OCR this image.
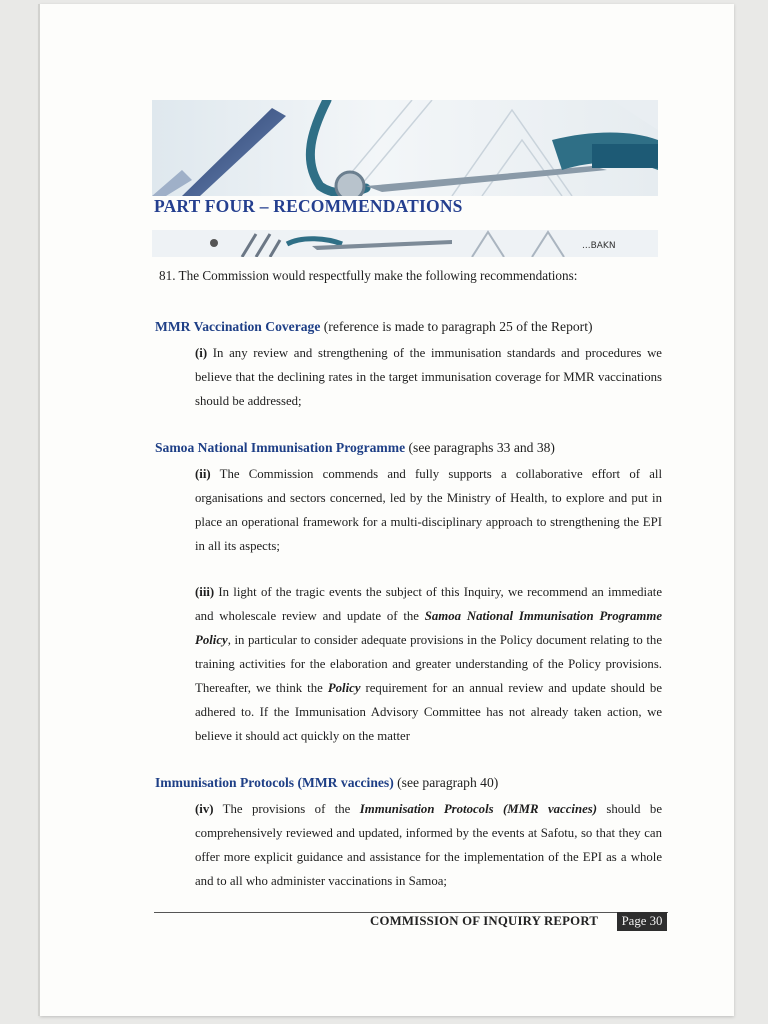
PART FOUR – RECOMMENDATIONS
...BAKN
81. The Commission would respectfully make the following recommendations:
MMR Vaccination Coverage (reference is made to paragraph 25 of the Report)
(i) In any review and strengthening of the immunisation standards and procedures we believe that the declining rates in the target immunisation coverage for MMR vaccinations should be addressed;
Samoa National Immunisation Programme (see paragraphs 33 and 38)
(ii) The Commission commends and fully supports a collaborative effort of all organisations and sectors concerned, led by the Ministry of Health, to explore and put in place an operational framework for a multi-disciplinary approach to strengthening the EPI in all its aspects;
(iii) In light of the tragic events the subject of this Inquiry, we recommend an immediate and wholescale review and update of the Samoa National Immunisation Programme Policy, in particular to consider adequate provisions in the Policy document relating to the training activities for the elaboration and greater understanding of the Policy provisions. Thereafter, we think the Policy requirement for an annual review and update should be adhered to. If the Immunisation Advisory Committee has not already taken action, we believe it should act quickly on the matter
Immunisation Protocols (MMR vaccines) (see paragraph 40)
(iv) The provisions of the Immunisation Protocols (MMR vaccines) should be comprehensively reviewed and updated, informed by the events at Safotu, so that they can offer more explicit guidance and assistance for the implementation of the EPI as a whole and to all who administer vaccinations in Samoa;
COMMISSION OF INQUIRY REPORT	Page 30
